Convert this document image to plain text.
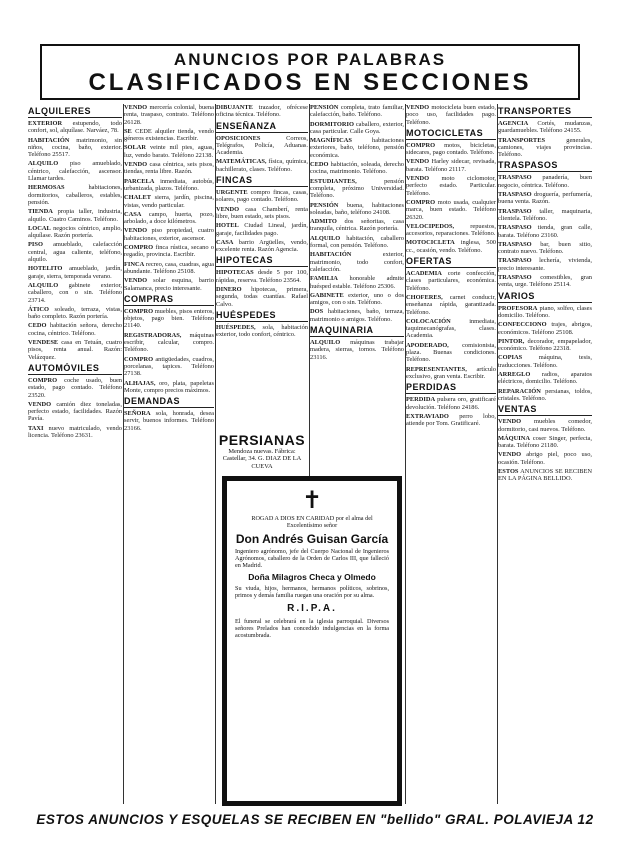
ANUNCIOS POR PALABRAS
CLASIFICADOS EN SECCIONES
ALQUILERES
EXTERIOR estupendo, todo confort, sol, alquílase. Narváez, 78.
HABITACIÓN matrimonio, sin niños, cocina, baño, exterior. Teléfono 25517.
ALQUILO piso amueblado, céntrico, calefacción, ascensor. Llamar tardes.
HERMOSAS habitaciones, dormitorios, caballeros, estables, pensión.
TIENDA propia taller, industria, alquilo. Cuatro Caminos. Teléfono.
LOCAL negocios céntrico, amplio, alquílase. Razón portería.
PISO amueblado, calefacción central, agua caliente, teléfono, alquilo.
HOTELITO amueblado, jardín, garaje, sierra, temporada verano.
ALQUILO gabinete exterior, caballero, con o sin. Teléfono 23714.
ÁTICO soleado, terraza, vistas, baño completo. Razón portería.
CEDO habitación señora, derecho cocina, céntrico. Teléfono.
VENDESE casa en Tetuán, cuatro pisos, renta anual. Razón: Velázquez.
AUTOMÓVILES
COMPRO coche usado, buen estado, pago contado. Teléfono 23520.
VENDO camión diez toneladas, perfecto estado, facilidades. Razón Pavía.
TAXI nuevo matriculado, vendo licencia. Teléfono 23631.
VENDO mercería colonial, buena renta, traspaso, contrato. Teléfono 26128.
SE CEDE alquiler tienda, vendo géneros existencias. Escribir.
SOLAR veinte mil pies, aguas, luz, vendo barato. Teléfono 22138.
VENDO casa céntrica, seis pisos, tiendas, renta libre. Razón.
PARCELA inmediata, autobús, urbanizada, plazos. Teléfono.
CHALET sierra, jardín, piscina, vistas, vendo particular.
CASA campo, huerta, pozo, arbolado, a doce kilómetros.
VENDO piso propiedad, cuatro habitaciones, exterior, ascensor.
COMPRO finca rústica, secano o regadío, provincia. Escribir.
FINCA recreo, casa, cuadras, agua abundante. Teléfono 25108.
VENDO solar esquina, barrio Salamanca, precio interesante.
COMPRAS
COMPRO muebles, pisos enteros, objetos, pago bien. Teléfono 21140.
REGISTRADORAS, máquinas escribir, calcular, compro. Teléfono.
COMPRO antigüedades, cuadros, porcelanas, tapices. Teléfono 27138.
ALHAJAS, oro, plata, papeletas Monte, compro precios máximos.
DEMANDAS
SEÑORA sola, honrada, desea servir, buenos informes. Teléfono 23166.
DIBUJANTE trazador, ofrécese oficina técnica. Teléfono.
ENSEÑANZA
OPOSICIONES Correos, Telégrafos, Policía, Aduanas. Academia.
MATEMÁTICAS, física, química, bachillerato, clases. Teléfono.
FINCAS
URGENTE compro fincas, casas, solares, pago contado. Teléfono.
VENDO casa Chamberí, renta libre, buen estado, seis pisos.
HOTEL Ciudad Lineal, jardín, garaje, facilidades pago.
CASA barrio Argüelles, vendo, excelente renta. Razón Agencia.
HIPOTECAS
HIPOTECAS desde 5 por 100, rápidas, reserva. Teléfono 23564.
DINERO hipotecas, primera, segunda, todas cuantías. Rafael Calvo.
HUÉSPEDES
HUÉSPEDES, sola, habitación exterior, todo confort, céntrico.
PENSIÓN completa, trato familiar, calefacción, baño. Teléfono.
DORMITORIO caballero, exterior, casa particular. Calle Goya.
MAGNÍFICAS habitaciones exteriores, baño, teléfono, pensión económica.
CEDO habitación, soleada, derecho cocina, matrimonio. Teléfono.
ESTUDIANTES, pensión completa, próximo Universidad. Teléfono.
PENSIÓN buena, habitaciones soleadas, baño, teléfono 24108.
ADMITO dos señoritas, casa tranquila, céntrica. Razón portería.
ALQUILO habitación, caballero formal, con pensión. Teléfono.
HABITACIÓN exterior, matrimonio, todo confort, calefacción.
FAMILIA honorable admite huésped estable. Teléfono 25306.
GABINETE exterior, uno o dos amigos, con o sin. Teléfono.
DOS habitaciones, baño, terraza, matrimonio o amigos. Teléfono.
MAQUINARIA
ALQUILO máquinas trabajar madera, sierras, tornos. Teléfono 23116.
VENDO motocicleta buen estado, poco uso, facilidades pago. Teléfono.
MOTOCICLETAS
COMPRO motos, bicicletas, sidecares, pago contado. Teléfono.
VENDO Harley sidecar, revisada, barata. Teléfono 21117.
VENDO moto ciclomotor, perfecto estado. Particular. Teléfono.
COMPRO moto usada, cualquier marca, buen estado. Teléfono 26320.
VELOCIPEDOS, repuestos, accesorios, reparaciones. Teléfono.
MOTOCICLETA inglesa, 500 cc., ocasión, vendo. Teléfono.
OFERTAS
ACADEMIA corte confección, clases particulares, económica. Teléfono.
CHOFERES, carnet conducir, enseñanza rápida, garantizada. Teléfono.
COLOCACIÓN inmediata, taquimecanógrafas, clases. Academia.
APODERADO, comisionista, plaza. Buenas condiciones. Teléfono.
REPRESENTANTES, artículo exclusivo, gran venta. Escribir.
PERDIDAS
PERDIDA pulsera oro, gratificaré devolución. Teléfono 24186.
EXTRAVIADO perro lobo, atiende por Tom. Gratificaré.
TRANSPORTES
AGENCIA Cortés, mudanzas, guardamuebles. Teléfono 24155.
TRANSPORTES generales, camiones, viajes provincias. Teléfono.
TRASPASOS
TRASPASO panadería, buen negocio, céntrica. Teléfono.
TRASPASO droguería, perfumería, buena venta. Razón.
TRASPASO taller, maquinaria, clientela. Teléfono.
TRASPASO tienda, gran calle, barata. Teléfono 23160.
TRASPASO bar, buen sitio, contrato nuevo. Teléfono.
TRASPASO lechería, vivienda, precio interesante.
TRASPASO comestibles, gran venta, urge. Teléfono 25114.
VARIOS
PROFESORA piano, solfeo, clases domicilio. Teléfono.
CONFECCIONO trajes, abrigos, económicos. Teléfono 25108.
PINTOR, decorador, empapelador, económico. Teléfono 22318.
COPIAS máquina, tesis, traducciones. Teléfono.
ARREGLO radios, aparatos eléctricos, domicilio. Teléfono.
REPARACIÓN persianas, toldos, cristales. Teléfono.
VENTAS
VENDO muebles comedor, dormitorio, casi nuevos. Teléfono.
MÁQUINA coser Singer, perfecta, barata. Teléfono 21180.
VENDO abrigo piel, poco uso, ocasión. Teléfono.
ESTOS ANUNCIOS SE RECIBEN EN LA PÁGINA BELLIDO.
PERSIANAS
Mendoza nuevas. Fábrica: Castellar, 34. G. DIAZ DE LA CUEVA
✝
ROGAD A DIOS EN CARIDAD por el alma del Excelentísimo señor
Don Andrés Guisan García
Ingeniero agrónomo, jefe del Cuerpo Nacional de Ingenieros Agrónomos, caballero de la Orden de Carlos III, que falleció en Madrid.
Doña Milagros Checa y Olmedo
Su viuda, hijos, hermanos, hermanos políticos, sobrinos, primos y demás familia ruegan una oración por su alma.
R.I.P.A.
El funeral se celebrará en la iglesia parroquial. Diversos señores Prelados han concedido indulgencias en la forma acostumbrada.
ESTOS ANUNCIOS Y ESQUELAS SE RECIBEN EN "bellido" GRAL. POLAVIEJA 12
